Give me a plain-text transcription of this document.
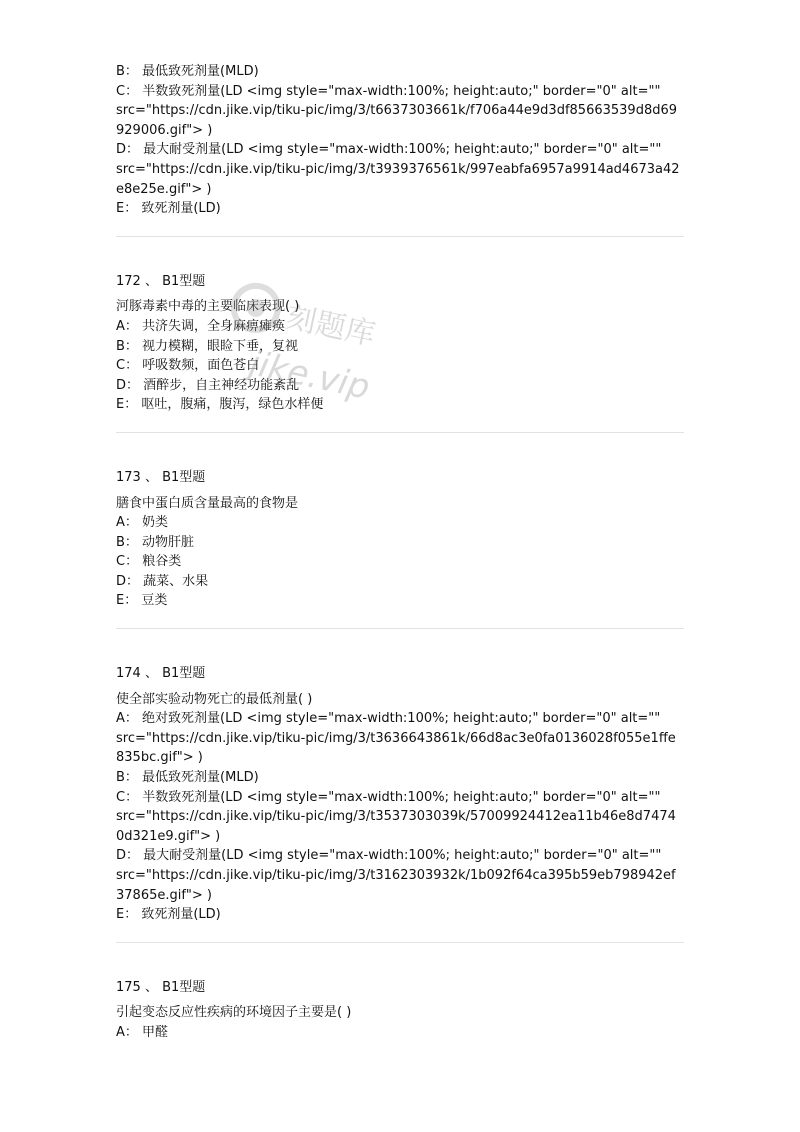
B： 最低致死剂量(MLD)
C： 半数致死剂量(LD <img style="max-width:100%; height:auto;" border="0" alt=""
src="https://cdn.jike.vip/tiku-pic/img/3/t6637303661k/f706a44e9d3df85663539d8d69
929006.gif"> )
D： 最大耐受剂量(LD <img style="max-width:100%; height:auto;" border="0" alt=""
src="https://cdn.jike.vip/tiku-pic/img/3/t3939376561k/997eabfa6957a9914ad4673a42
e8e25e.gif"> )
E： 致死剂量(LD)
172 、 B1型题
河豚毒素中毒的主要临床表现( )
A： 共济失调，全身麻痹瘫痪
B： 视力模糊，眼睑下垂，复视
C： 呼吸数频，面色苍白
D： 酒醉步，自主神经功能紊乱
E： 呕吐，腹痛，腹泻，绿色水样便
173 、 B1型题
膳食中蛋白质含量最高的食物是
A： 奶类
B： 动物肝脏
C： 粮谷类
D： 蔬菜、水果
E： 豆类
174 、 B1型题
使全部实验动物死亡的最低剂量( )
A： 绝对致死剂量(LD <img style="max-width:100%; height:auto;" border="0" alt=""
src="https://cdn.jike.vip/tiku-pic/img/3/t3636643861k/66d8ac3e0fa0136028f055e1ffe
835bc.gif"> )
B： 最低致死剂量(MLD)
C： 半数致死剂量(LD <img style="max-width:100%; height:auto;" border="0" alt=""
src="https://cdn.jike.vip/tiku-pic/img/3/t3537303039k/57009924412ea11b46e8d7474
0d321e9.gif"> )
D： 最大耐受剂量(LD <img style="max-width:100%; height:auto;" border="0" alt=""
src="https://cdn.jike.vip/tiku-pic/img/3/t3162303932k/1b092f64ca395b59eb798942ef
37865e.gif"> )
E： 致死剂量(LD)
175 、 B1型题
引起变态反应性疾病的环境因子主要是( )
A： 甲醛
刻题库
jike.vip
